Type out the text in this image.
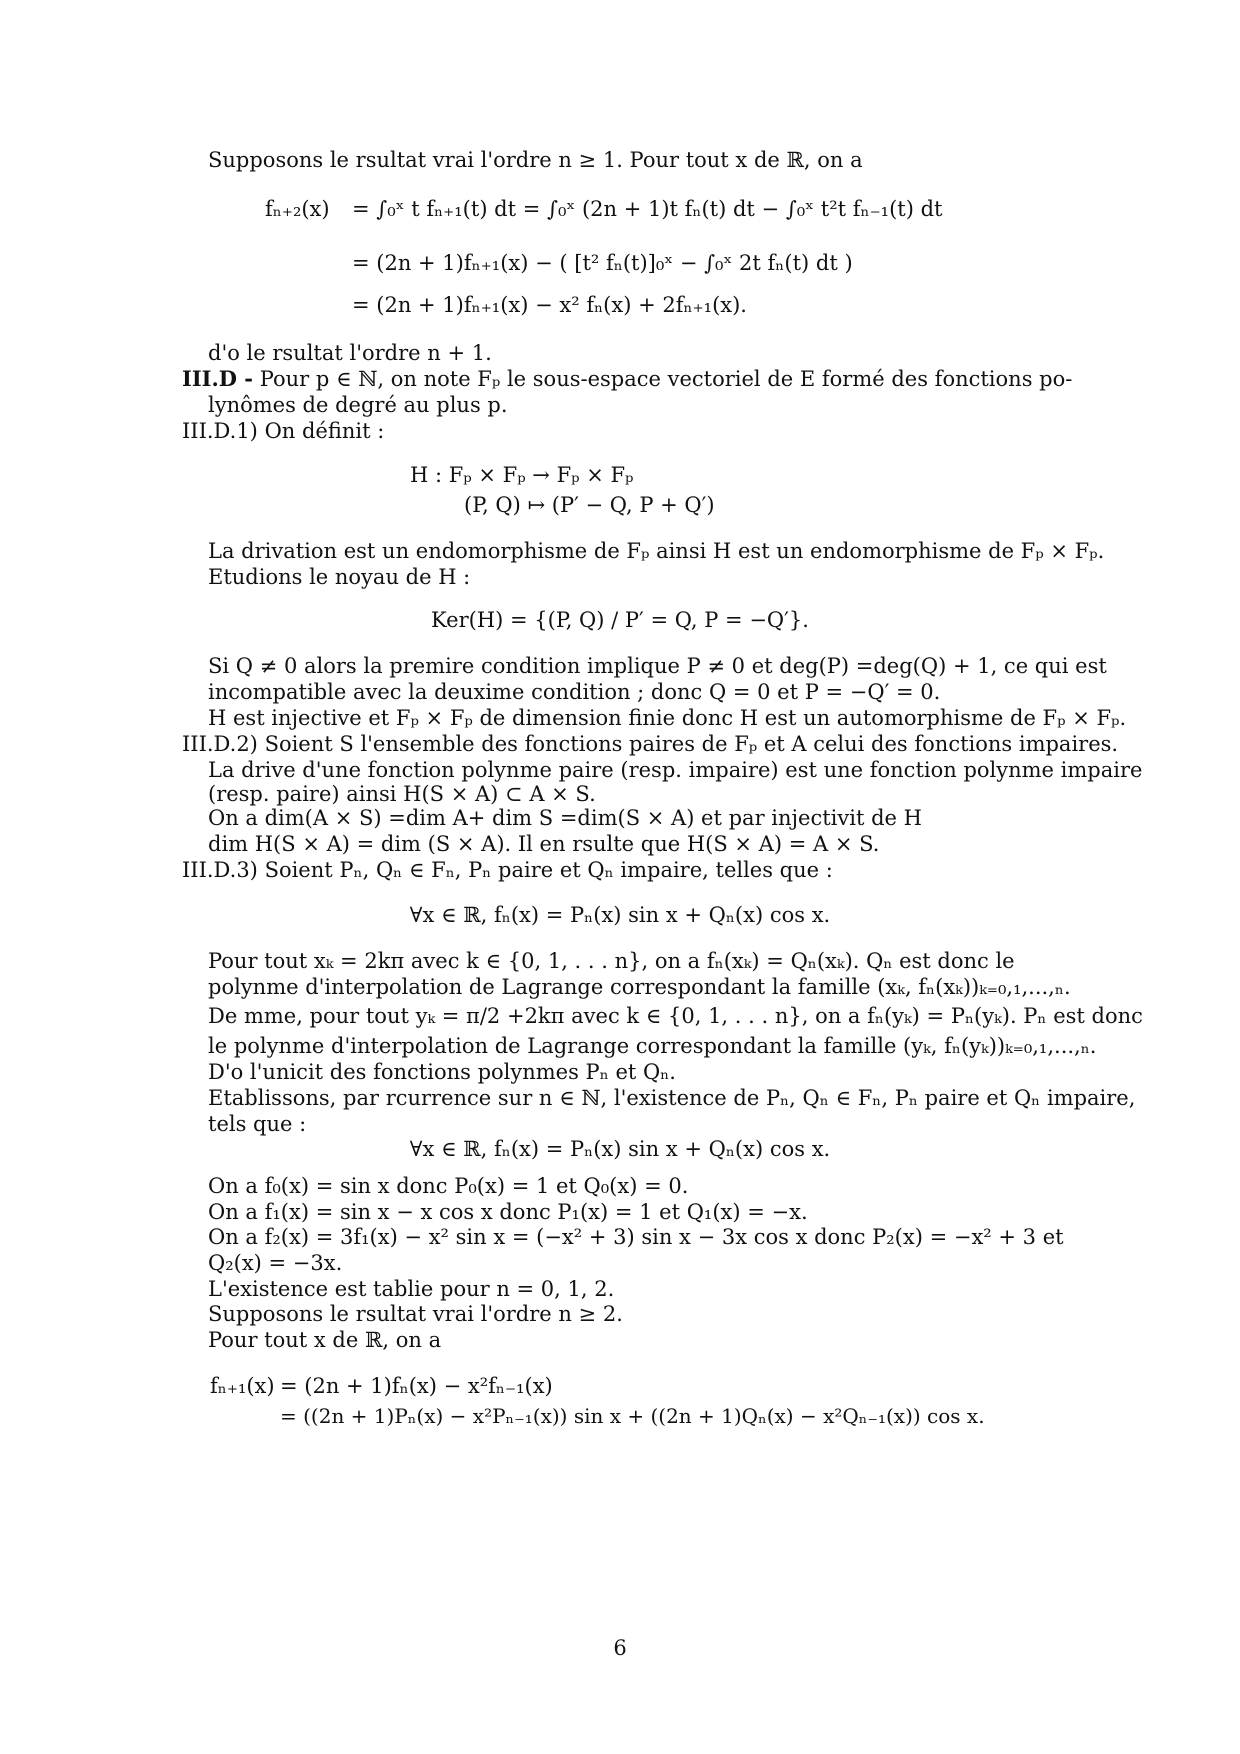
Supposons le rsultat vrai l'ordre n ≥ 1. Pour tout x de ℝ, on a
fₙ₊₂(x) = ∫₀ˣ t fₙ₊₁(t) dt = ∫₀ˣ (2n + 1)t fₙ(t) dt − ∫₀ˣ t²t fₙ₋₁(t) dt
= (2n + 1)fₙ₊₁(x) − ( [t² fₙ(t)]₀ˣ − ∫₀ˣ 2t fₙ(t) dt )
= (2n + 1)fₙ₊₁(x) − x² fₙ(x) + 2fₙ₊₁(x).
d'o le rsultat l'ordre n + 1.
III.D - Pour p ∈ ℕ, on note Fₚ le sous-espace vectoriel de E formé des fonctions po-
lynômes de degré au plus p.
III.D.1) On définit :
H : Fₚ × Fₚ → Fₚ × Fₚ
(P, Q) ↦ (P′ − Q, P + Q′)
La drivation est un endomorphisme de Fₚ ainsi H est un endomorphisme de Fₚ × Fₚ.
Etudions le noyau de H :
Ker(H) = {(P, Q) / P′ = Q, P = −Q′}.
Si Q ≠ 0 alors la premire condition implique P ≠ 0 et deg(P) =deg(Q) + 1, ce qui est
incompatible avec la deuxime condition ; donc Q = 0 et P = −Q′ = 0.
H est injective et Fₚ × Fₚ de dimension finie donc H est un automorphisme de Fₚ × Fₚ.
III.D.2) Soient S l'ensemble des fonctions paires de Fₚ et A celui des fonctions impaires.
La drive d'une fonction polynme paire (resp. impaire) est une fonction polynme impaire
(resp. paire) ainsi H(S × A) ⊂ A × S.
On a dim(A × S) =dim A+ dim S =dim(S × A) et par injectivit de H
dim H(S × A) = dim (S × A). Il en rsulte que H(S × A) = A × S.
III.D.3) Soient Pₙ, Qₙ ∈ Fₙ, Pₙ paire et Qₙ impaire, telles que :
∀x ∈ ℝ, fₙ(x) = Pₙ(x) sin x + Qₙ(x) cos x.
Pour tout xₖ = 2kπ avec k ∈ {0, 1, . . . n}, on a fₙ(xₖ) = Qₙ(xₖ). Qₙ est donc le
polynme d'interpolation de Lagrange correspondant la famille (xₖ, fₙ(xₖ))ₖ₌₀,₁,...,ₙ.
De mme, pour tout yₖ = π/2 +2kπ avec k ∈ {0, 1, . . . n}, on a fₙ(yₖ) = Pₙ(yₖ). Pₙ est donc
le polynme d'interpolation de Lagrange correspondant la famille (yₖ, fₙ(yₖ))ₖ₌₀,₁,...,ₙ.
D'o l'unicit des fonctions polynmes Pₙ et Qₙ.
Etablissons, par rcurrence sur n ∈ ℕ, l'existence de Pₙ, Qₙ ∈ Fₙ, Pₙ paire et Qₙ impaire,
tels que :
∀x ∈ ℝ, fₙ(x) = Pₙ(x) sin x + Qₙ(x) cos x.
On a f₀(x) = sin x donc P₀(x) = 1 et Q₀(x) = 0.
On a f₁(x) = sin x − x cos x donc P₁(x) = 1 et Q₁(x) = −x.
On a f₂(x) = 3f₁(x) − x² sin x = (−x² + 3) sin x − 3x cos x donc P₂(x) = −x² + 3 et
Q₂(x) = −3x.
L'existence est tablie pour n = 0, 1, 2.
Supposons le rsultat vrai l'ordre n ≥ 2.
Pour tout x de ℝ, on a
fₙ₊₁(x) = (2n + 1)fₙ(x) − x²fₙ₋₁(x)
= ((2n + 1)Pₙ(x) − x²Pₙ₋₁(x)) sin x + ((2n + 1)Qₙ(x) − x²Qₙ₋₁(x)) cos x.
6
